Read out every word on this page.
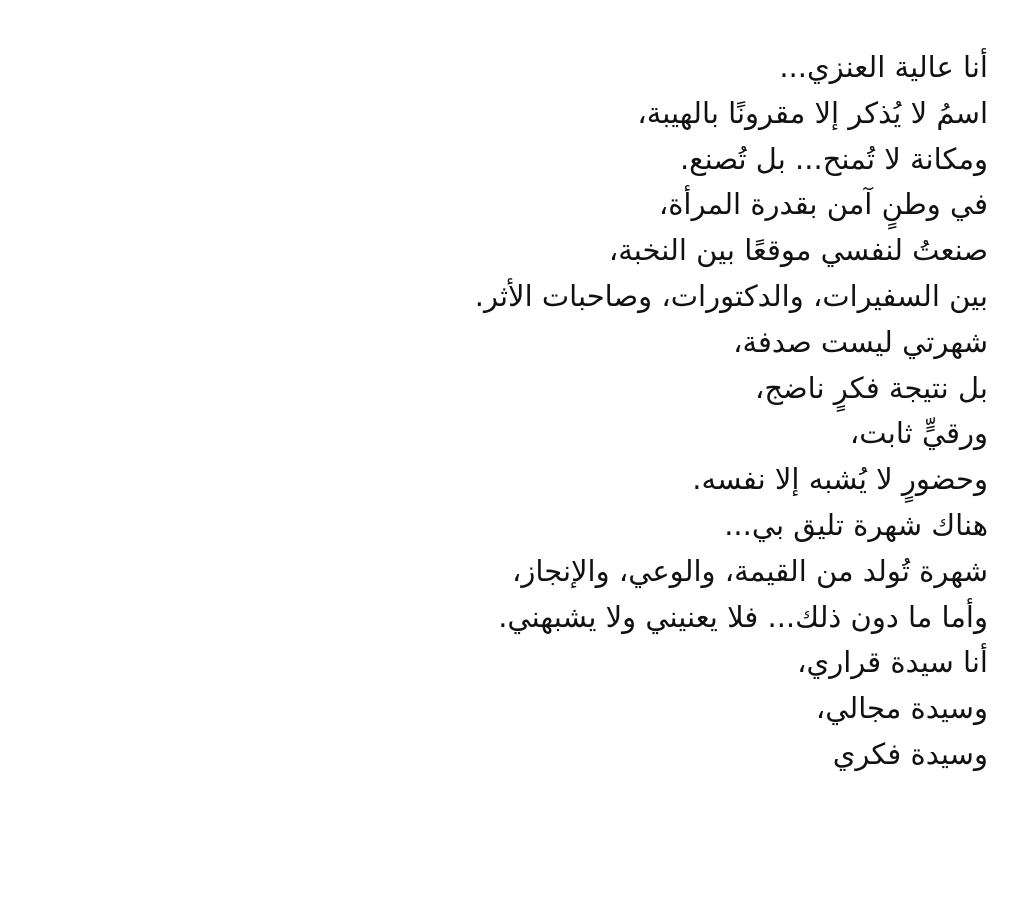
أنا عالية العنزي...
اسمُ لا يُذكر إلا مقرونًا بالهيبة،
ومكانة لا تُمنح... بل تُصنع.
في وطنٍ آمن بقدرة المرأة،
صنعتُ لنفسي موقعًا بين النخبة،
بين السفيرات، والدكتورات، وصاحبات الأثر.
شهرتي ليست صدفة،
بل نتيجة فكرٍ ناضج،
ورقيٍّ ثابت،
وحضورٍ لا يُشبه إلا نفسه.
هناك شهرة تليق بي...
شهرة تُولد من القيمة، والوعي، والإنجاز،
وأما ما دون ذلك... فلا يعنيني ولا يشبهني.
أنا سيدة قراري،
وسيدة مجالي،
وسيدة فكري
